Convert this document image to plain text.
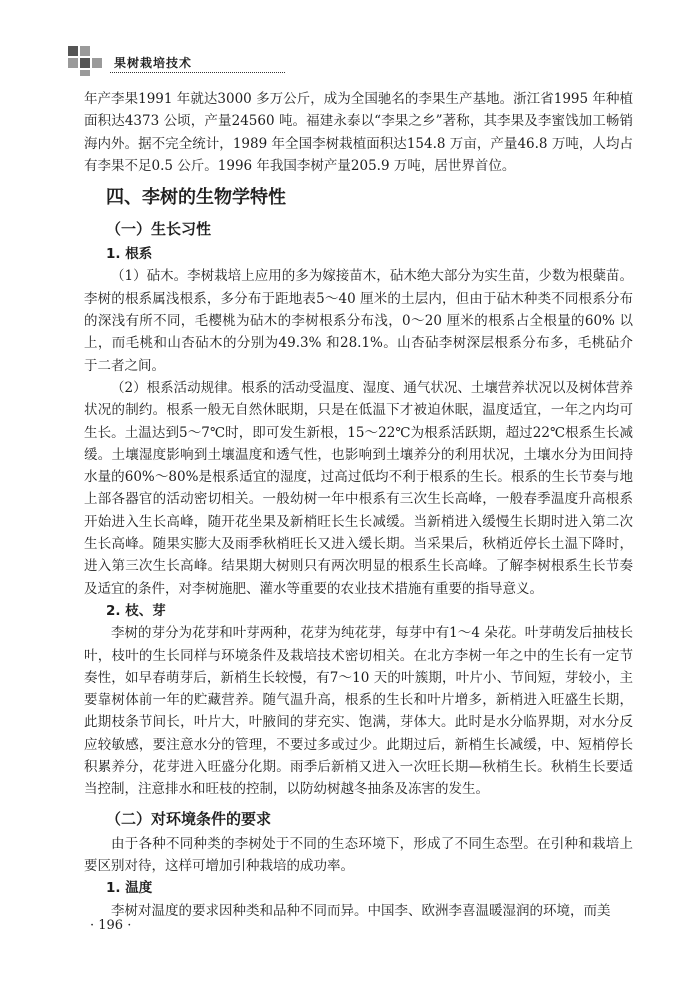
果树栽培技术

年产李果1991 年就达3000 多万公斤，成为全国驰名的李果生产基地。浙江省1995 年种植面积达4373 公顷，产量24560 吨。福建永泰以“李果之乡”著称，其李果及李蜜饯加工畅销海内外。据不完全统计，1989 年全国李树栽植面积达154.8 万亩，产量46.8 万吨，人均占有李果不足0.5 公斤。1996 年我国李树产量205.9 万吨，居世界首位。

四、李树的生物学特性
（一）生长习性
1. 根系

（1）砧木。李树栽培上应用的多为嫁接苗木，砧木绝大部分为实生苗，少数为根蘖苗。李树的根系属浅根系，多分布于距地表5～40 厘米的土层内，但由于砧木种类不同根系分布的深浅有所不同，毛樱桃为砧木的李树根系分布浅，0～20 厘米的根系占全根量的60% 以上，而毛桃和山杏砧木的分别为49.3% 和28.1%。山杏砧李树深层根系分布多，毛桃砧介于二者之间。

（2）根系活动规律。根系的活动受温度、湿度、通气状况、土壤营养状况以及树体营养状况的制约。根系一般无自然休眠期，只是在低温下才被迫休眠，温度适宜，一年之内均可生长。土温达到5～7℃时，即可发生新根，15～22℃为根系活跃期，超过22℃根系生长减缓。土壤湿度影响到土壤温度和透气性，也影响到土壤养分的利用状况，土壤水分为田间持水量的60%～80%是根系适宜的湿度，过高过低均不利于根系的生长。根系的生长节奏与地上部各器官的活动密切相关。一般幼树一年中根系有三次生长高峰，一般春季温度升高根系开始进入生长高峰，随开花坐果及新梢旺长生长减缓。当新梢进入缓慢生长期时进入第二次生长高峰。随果实膨大及雨季秋梢旺长又进入缓长期。当采果后，秋梢近停长土温下降时，进入第三次生长高峰。结果期大树则只有两次明显的根系生长高峰。了解李树根系生长节奏及适宜的条件，对李树施肥、灌水等重要的农业技术措施有重要的指导意义。

2. 枝、芽

李树的芽分为花芽和叶芽两种，花芽为纯花芽，每芽中有1～4 朵花。叶芽萌发后抽枝长叶，枝叶的生长同样与环境条件及栽培技术密切相关。在北方李树一年之中的生长有一定节奏性，如早春萌芽后，新梢生长较慢，有7～10 天的叶簇期，叶片小、节间短，芽较小，主要靠树体前一年的贮藏营养。随气温升高，根系的生长和叶片增多，新梢进入旺盛生长期，此期枝条节间长，叶片大，叶腋间的芽充实、饱满，芽体大。此时是水分临界期，对水分反应较敏感，要注意水分的管理，不要过多或过少。此期过后，新梢生长减缓，中、短梢停长积累养分，花芽进入旺盛分化期。雨季后新梢又进入一次旺长期—秋梢生长。秋梢生长要适当控制，注意排水和旺枝的控制，以防幼树越冬抽条及冻害的发生。

（二）对环境条件的要求

由于各种不同种类的李树处于不同的生态环境下，形成了不同生态型。在引种和栽培上要区别对待，这样可增加引种栽培的成功率。

1. 温度

李树对温度的要求因种类和品种不同而异。中国李、欧洲李喜温暖湿润的环境，而美

· 196 ·
